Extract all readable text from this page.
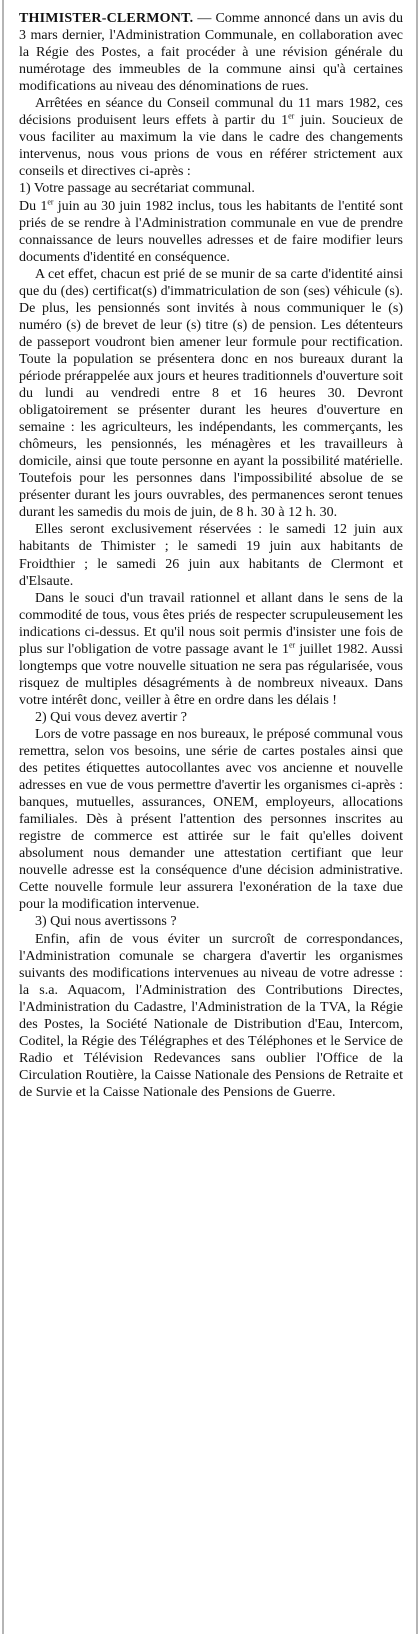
THIMISTER-CLERMONT. — Comme annoncé dans un avis du 3 mars dernier, l'Administration Communale, en collaboration avec la Régie des Postes, a fait procéder à une révision générale du numérotage des immeubles de la commune ainsi qu'à certaines modifications au niveau des dénominations de rues.

Arrêtées en séance du Conseil communal du 11 mars 1982, ces décisions produisent leurs effets à partir du 1er juin. Soucieux de vous faciliter au maximum la vie dans le cadre des changements intervenus, nous vous prions de vous en référer strictement aux conseils et directives ci-après :

1) Votre passage au secrétariat communal.

Du 1er juin au 30 juin 1982 inclus, tous les habitants de l'entité sont priés de se rendre à l'Administration communale en vue de prendre connaissance de leurs nouvelles adresses et de faire modifier leurs documents d'identité en conséquence.

A cet effet, chacun est prié de se munir de sa carte d'identité ainsi que du (des) certificat(s) d'immatriculation de son (ses) véhicule (s). De plus, les pensionnés sont invités à nous communiquer le (s) numéro (s) de brevet de leur (s) titre (s) de pension. Les détenteurs de passeport voudront bien amener leur formule pour rectification. Toute la population se présentera donc en nos bureaux durant la période prérappelée aux jours et heures traditionnels d'ouverture soit du lundi au vendredi entre 8 et 16 heures 30. Devront obligatoirement se présenter durant les heures d'ouverture en semaine : les agriculteurs, les indépendants, les commerçants, les chômeurs, les pensionnés, les ménagères et les travailleurs à domicile, ainsi que toute personne en ayant la possibilité matérielle. Toutefois pour les personnes dans l'impossibilité absolue de se présenter durant les jours ouvrables, des permanences seront tenues durant les samedis du mois de juin, de 8 h. 30 à 12 h. 30.

Elles seront exclusivement réservées : le samedi 12 juin aux habitants de Thimister ; le samedi 19 juin aux habitants de Froidthier ; le samedi 26 juin aux habitants de Clermont et d'Elsaute.

Dans le souci d'un travail rationnel et allant dans le sens de la commodité de tous, vous êtes priés de respecter scrupuleusement les indications ci-dessus. Et qu'il nous soit permis d'insister une fois de plus sur l'obligation de votre passage avant le 1er juillet 1982. Aussi longtemps que votre nouvelle situation ne sera pas régularisée, vous risquez de multiples désagréments à de nombreux niveaux. Dans votre intérêt donc, veiller à être en ordre dans les délais !

2) Qui vous devez avertir ?

Lors de votre passage en nos bureaux, le préposé communal vous remettra, selon vos besoins, une série de cartes postales ainsi que des petites étiquettes autocollantes avec vos ancienne et nouvelle adresses en vue de vous permettre d'avertir les organismes ci-après : banques, mutuelles, assurances, ONEM, employeurs, allocations familiales. Dès à présent l'attention des personnes inscrites au registre de commerce est attirée sur le fait qu'elles doivent absolument nous demander une attestation certifiant que leur nouvelle adresse est la conséquence d'une décision administrative. Cette nouvelle formule leur assurera l'exonération de la taxe due pour la modification intervenue.

3) Qui nous avertissons ?

Enfin, afin de vous éviter un surcroît de correspondances, l'Administration comunale se chargera d'avertir les organismes suivants des modifications intervenues au niveau de votre adresse : la s.a. Aquacom, l'Administration des Contributions Directes, l'Administration du Cadastre, l'Administration de la TVA, la Régie des Postes, la Société Nationale de Distribution d'Eau, Intercom, Coditel, la Régie des Télégraphes et des Téléphones et le Service de Radio et Télévision Redevances sans oublier l'Office de la Circulation Routière, la Caisse Nationale des Pensions de Retraite et de Survie et la Caisse Nationale des Pensions de Guerre.
